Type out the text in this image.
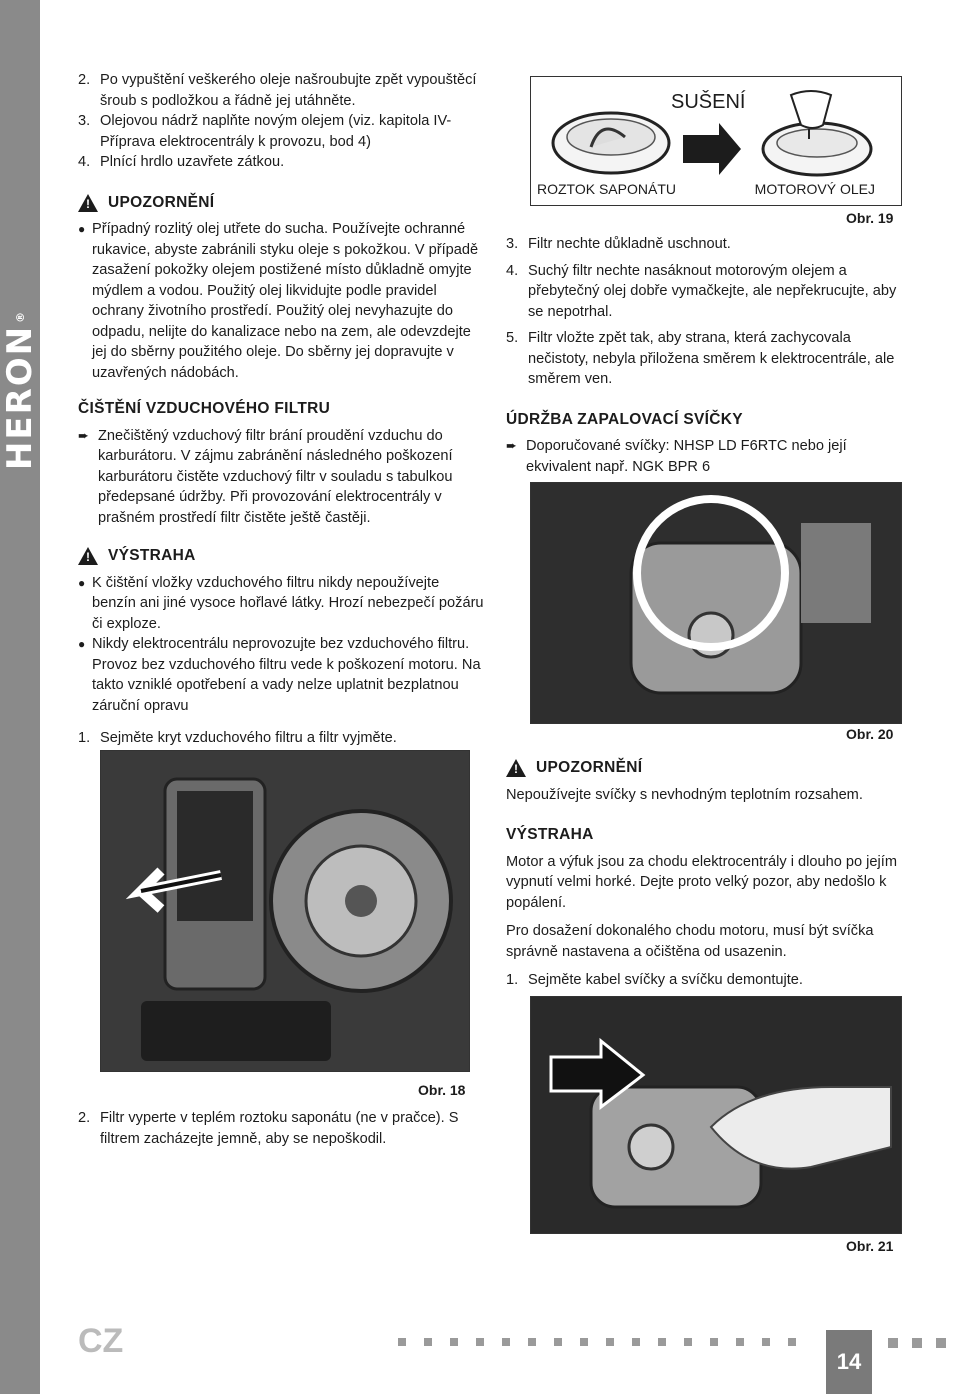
HERON
®
2. Po vypuštění veškerého oleje našroubujte zpět vypouštěcí šroub s podložkou a řádně jej utáhněte.
3. Olejovou nádrž naplňte novým olejem (viz. kapitola IV- Příprava elektrocentrály k provozu, bod 4)
4. Plnící hrdlo uzavřete zátkou.
! UPOZORNĚNÍ
● Případný rozlitý olej utřete do sucha. Používejte ochranné rukavice, abyste zabránili styku oleje s pokožkou. V případě zasažení pokožky olejem postižené místo důkladně omyjte mýdlem a vodou. Použitý olej likvidujte podle pravidel ochrany životního prostředí. Použitý olej nevyhazujte do odpadu, nelijte do kanalizace nebo na zem, ale odevzdejte jej do sběrny použitého oleje. Do sběrny jej dopravujte v uzavřených nádobách.
ČIŠTĚNÍ VZDUCHOVÉHO FILTRU
➨ Znečištěný vzduchový filtr brání proudění vzduchu do karburátoru. V zájmu zabránění následného poškození karburátoru čistěte vzduchový filtr v souladu s tabulkou předepsané údržby. Při provozování elektrocentrály v prašném prostředí filtr čistěte ještě častěji.
! VÝSTRAHA
● K čištění vložky vzduchového filtru nikdy nepoužívejte benzín ani jiné vysoce hořlavé látky. Hrozí nebezpečí požáru či exploze.
● Nikdy elektrocentrálu neprovozujte bez vzduchového filtru. Provoz bez vzduchového filtru vede k poškození motoru. Na takto vzniklé opotřebení a vady nelze uplatnit bezplatnou záruční opravu
1. Sejměte kryt vzduchového filtru a filtr vyjměte.
Obr. 18
2. Filtr vyperte v teplém roztoku saponátu (ne v pračce). S filtrem zacházejte jemně, aby se nepoškodil.
SUŠENÍ
ROZTOK SAPONÁTU	MOTOROVÝ OLEJ
Obr. 19
3. Filtr nechte důkladně uschnout.
4. Suchý filtr nechte nasáknout motorovým olejem a přebytečný olej dobře vymačkejte, ale nepřekrucujte, aby se nepotrhal.
5. Filtr vložte zpět tak, aby strana, která zachycovala nečistoty, nebyla přiložena směrem k elektrocentrále, ale směrem ven.
ÚDRŽBA ZAPALOVACÍ SVÍČKY
➨ Doporučované svíčky: NHSP LD F6RTC nebo její ekvivalent např. NGK BPR 6
Obr. 20
! UPOZORNĚNÍ

Nepoužívejte svíčky s nevhodným teplotním rozsahem.

VÝSTRAHA

Motor a výfuk jsou za chodu elektrocentrály i dlouho po jejím vypnutí velmi horké. Dejte proto velký pozor, aby nedošlo k popálení.

Pro dosažení dokonalého chodu motoru, musí být svíčka správně nastavena a očištěna od usazenin.

1. Sejměte kabel svíčky a svíčku demontujte.
Obr. 21
CZ
14
